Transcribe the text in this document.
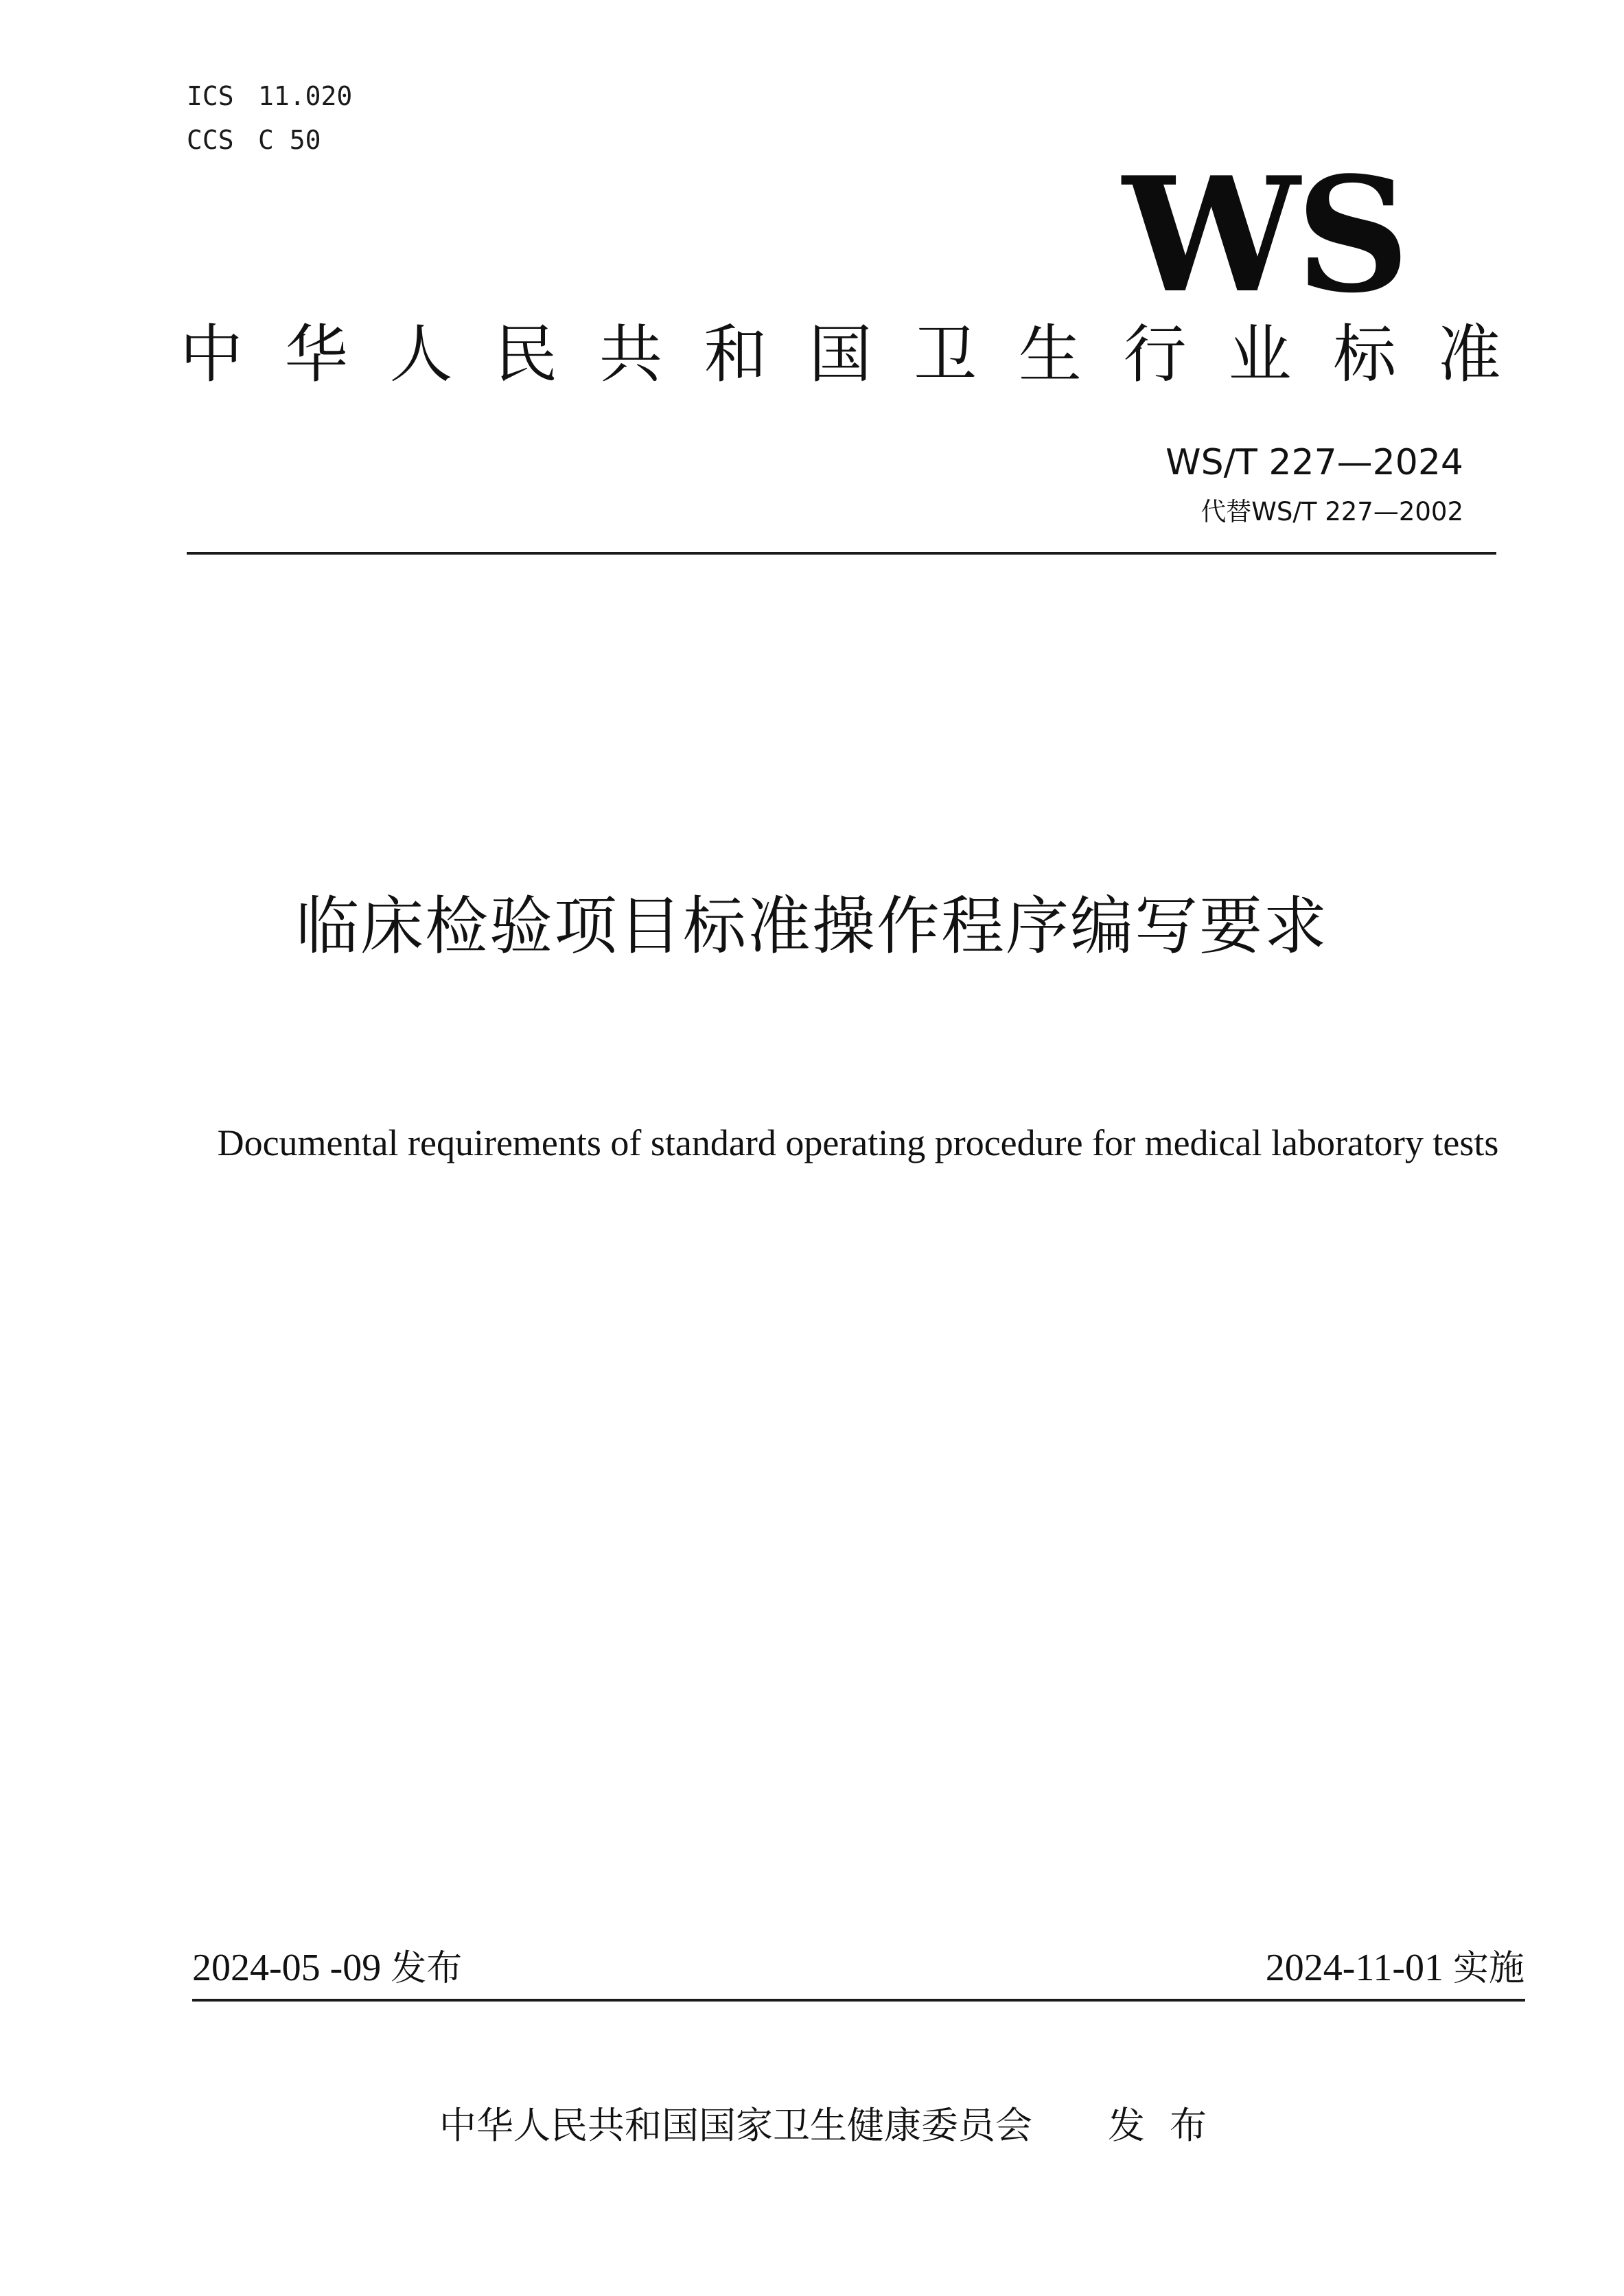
ICS 11.020
CCS C 50
WS
中 华 人 民 共 和 国 卫 生 行 业 标 准
WS/T 227—2024
代替WS/T 227—2002
临床检验项目标准操作程序编写要求
Documental requirements of standard operating procedure for medical laboratory tests
2024-05 -09 发布	2024-11-01 实施
中华人民共和国国家卫生健康委员会 发布
